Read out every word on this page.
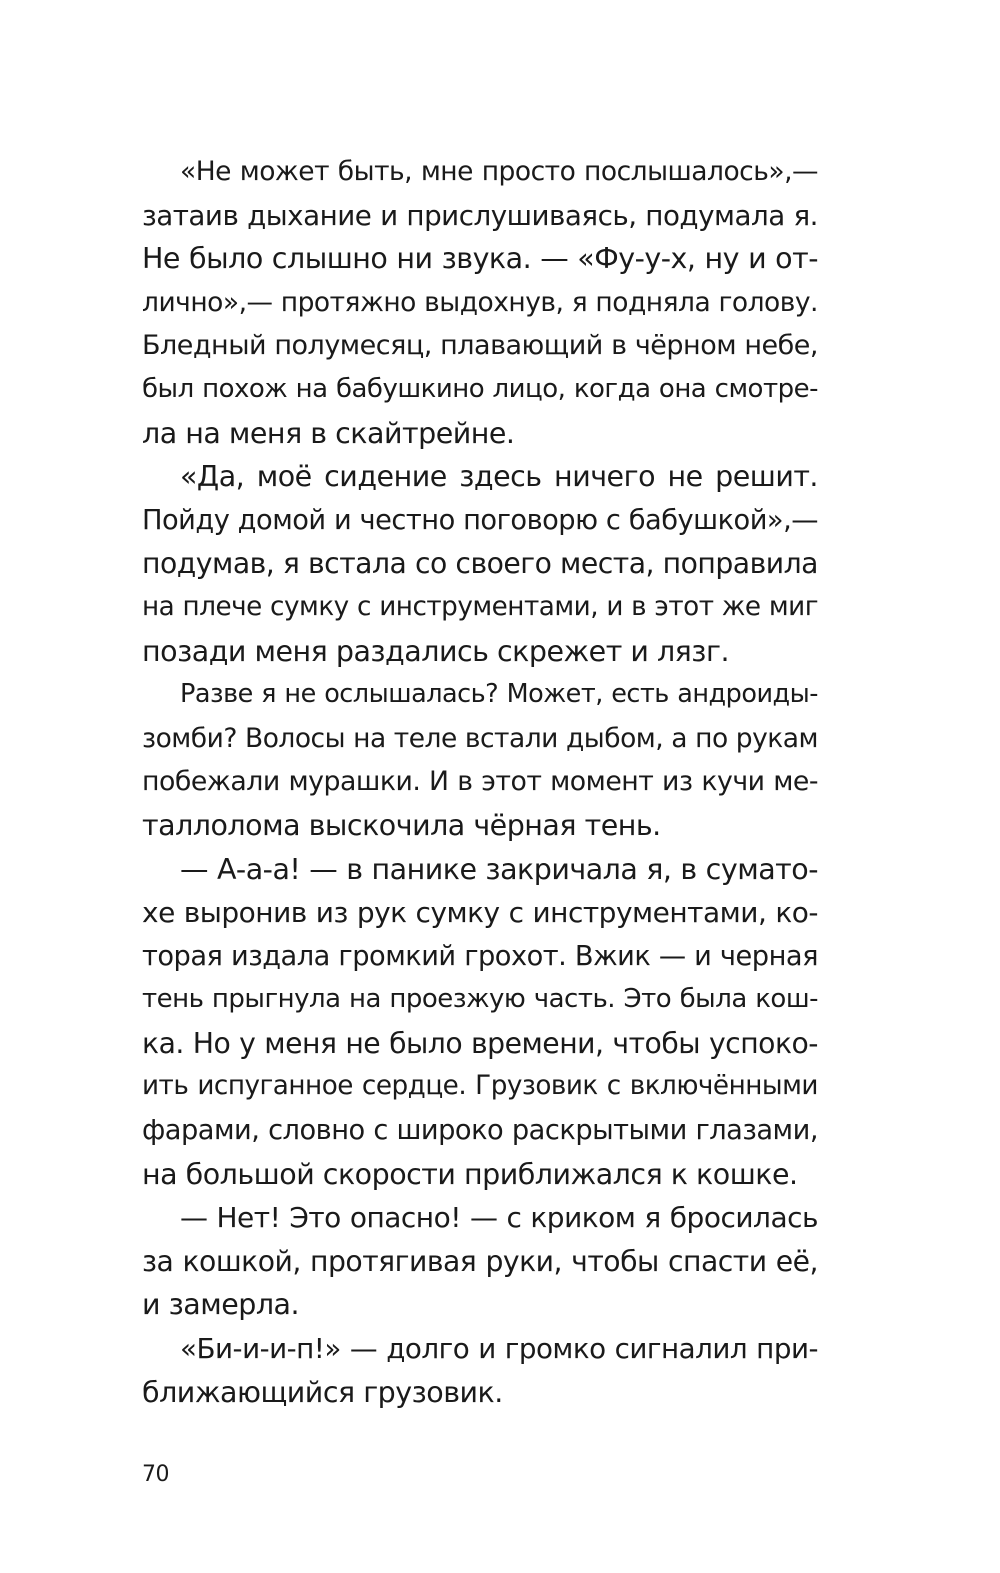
«Не может быть, мне просто послышалось»,—
затаив дыхание и прислушиваясь, подумала я.
Не было слышно ни звука. — «Фу-у-х, ну и от-
лично»,— протяжно выдохнув, я подняла голову.
Бледный полумесяц, плавающий в чёрном небе,
был похож на бабушкино лицо, когда она смотре-
ла на меня в скайтрейне.
«Да, моё сидение здесь ничего не решит.
Пойду домой и честно поговорю с бабушкой»,—
подумав, я встала со своего места, поправила
на плече сумку с инструментами, и в этот же миг
позади меня раздались скрежет и лязг.
Разве я не ослышалась? Может, есть андроиды-
зомби? Волосы на теле встали дыбом, а по рукам
побежали мурашки. И в этот момент из кучи ме-
таллолома выскочила чёрная тень.
— А-а-а! — в панике закричала я, в сумато-
хе выронив из рук сумку с инструментами, ко-
торая издала громкий грохот. Вжик — и черная
тень прыгнула на проезжую часть. Это была кош-
ка. Но у меня не было времени, чтобы успоко-
ить испуганное сердце. Грузовик с включёнными
фарами, словно с широко раскрытыми глазами,
на большой скорости приближался к кошке.
— Нет! Это опасно! — с криком я бросилась
за кошкой, протягивая руки, чтобы спасти её,
и замерла.
«Би-и-и-п!» — долго и громко сигналил при-
ближающийся грузовик.
70
